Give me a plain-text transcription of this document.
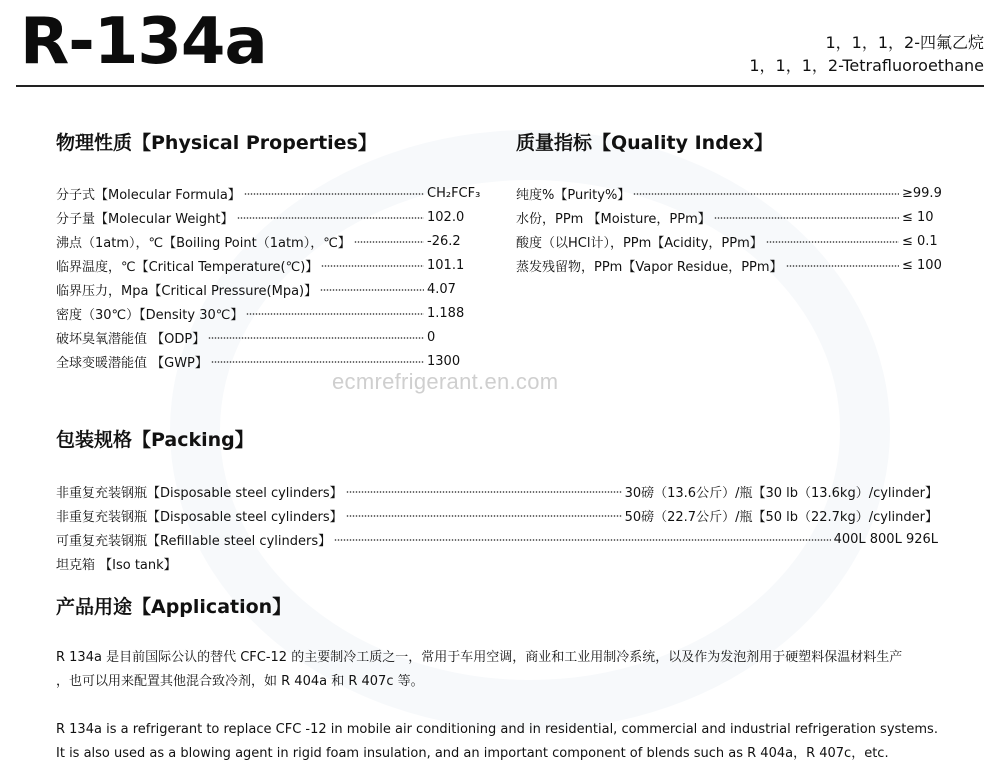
R-134a	1，1，1，2-四氟乙烷
1，1，1，2-Tetrafluoroethane
物理性质【Physical Properties】
分子式【Molecular Formula】	CH₂FCF₃
分子量【Molecular Weight】	102.0
沸点（1atm），℃【Boiling Point（1atm），℃】	-26.2
临界温度，℃【Critical Temperature(℃)】	101.1
临界压力，Mpa【Critical Pressure(Mpa)】	4.07
密度（30℃）【Density 30℃】	1.188
破坏臭氧潜能值 【ODP】	0
全球变暖潜能值 【GWP】	1300
质量指标【Quality Index】
纯度%【Purity%】	≥99.9
水份，PPm 【Moisture，PPm】	≤ 10
酸度（以HCl计），PPm【Acidity，PPm】	≤ 0.1
蒸发残留物，PPm【Vapor Residue，PPm】	≤ 100
ecmrefrigerant.en.com
包装规格【Packing】
非重复充装钢瓶【Disposable steel cylinders】	30磅（13.6公斤）/瓶【30 lb（13.6kg）/cylinder】
非重复充装钢瓶【Disposable steel cylinders】	50磅（22.7公斤）/瓶【50 lb（22.7kg）/cylinder】
可重复充装钢瓶【Refillable steel cylinders】	400L 800L 926L
坦克箱 【Iso tank】
产品用途【Application】

R 134a 是目前国际公认的替代 CFC-12 的主要制冷工质之一，常用于车用空调，商业和工业用制冷系统，以及作为发泡剂用于硬塑料保温材料生产

，也可以用来配置其他混合致冷剂，如 R 404a 和 R 407c 等。

R 134a is a refrigerant to replace CFC -12 in mobile air conditioning and in residential, commercial and industrial refrigeration systems.

It is also used as a blowing agent in rigid foam insulation, and an important component of blends such as R 404a，R 407c，etc.
